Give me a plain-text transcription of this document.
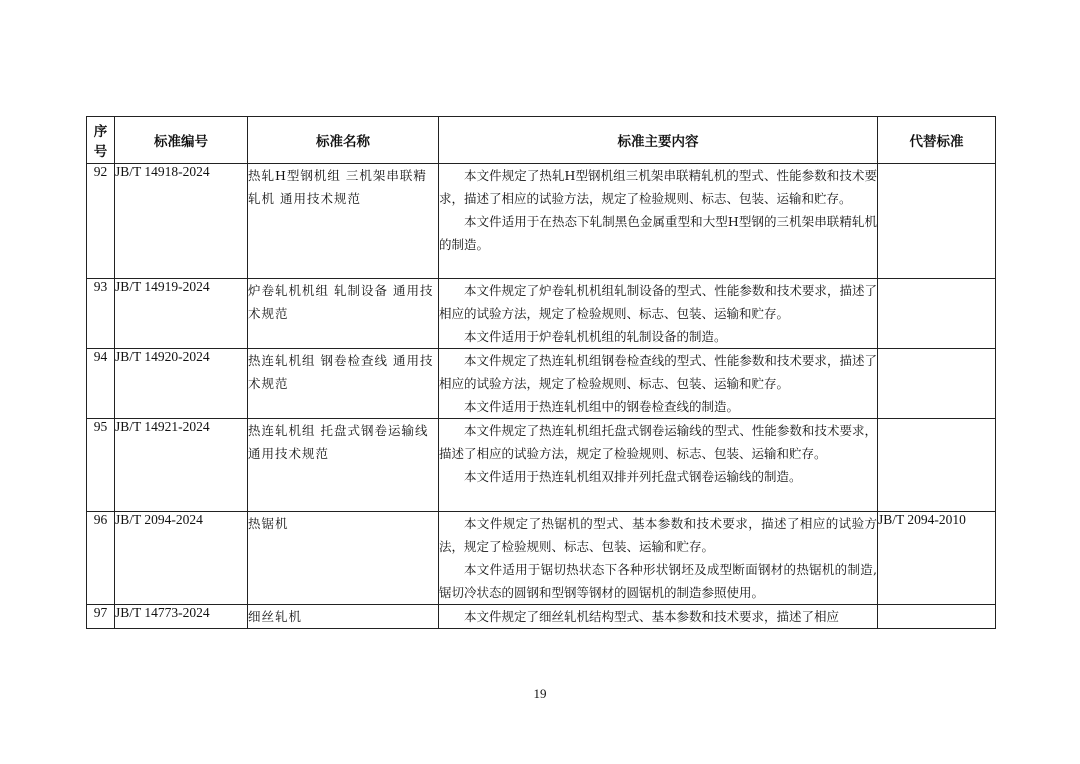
序 号	标准编号	标准名称	标准主要内容	代替标准
92	JB/T 14918-2024	热轧H型钢机组 三机架串联精轧机 通用技术规范	本文件规定了热轧H型钢机组三机架串联精轧机的型式、性能参数和技术要求，描述了相应的试验方法，规定了检验规则、标志、包装、运输和贮存。

本文件适用于在热态下轧制黑色金属重型和大型H型钢的三机架串联精轧机的制造。	

93	JB/T 14919-2024	炉卷轧机机组 轧制设备 通用技术规范	本文件规定了炉卷轧机机组轧制设备的型式、性能参数和技术要求，描述了相应的试验方法，规定了检验规则、标志、包装、运输和贮存。

本文件适用于炉卷轧机机组的轧制设备的制造。	

94	JB/T 14920-2024	热连轧机组 钢卷检查线 通用技术规范	本文件规定了热连轧机组钢卷检查线的型式、性能参数和技术要求，描述了相应的试验方法，规定了检验规则、标志、包装、运输和贮存。

本文件适用于热连轧机组中的钢卷检查线的制造。	

95	JB/T 14921-2024	热连轧机组 托盘式钢卷运输线 通用技术规范	本文件规定了热连轧机组托盘式钢卷运输线的型式、性能参数和技术要求，描述了相应的试验方法，规定了检验规则、标志、包装、运输和贮存。

本文件适用于热连轧机组双排并列托盘式钢卷运输线的制造。	

96	JB/T 2094-2024	热锯机	本文件规定了热锯机的型式、基本参数和技术要求，描述了相应的试验方法，规定了检验规则、标志、包装、运输和贮存。

本文件适用于锯切热状态下各种形状钢坯及成型断面钢材的热锯机的制造,锯切冷状态的圆钢和型钢等钢材的圆锯机的制造参照使用。	JB/T 2094-2010
97	JB/T 14773-2024	细丝轧机	本文件规定了细丝轧机结构型式、基本参数和技术要求，描述了相应	

19
